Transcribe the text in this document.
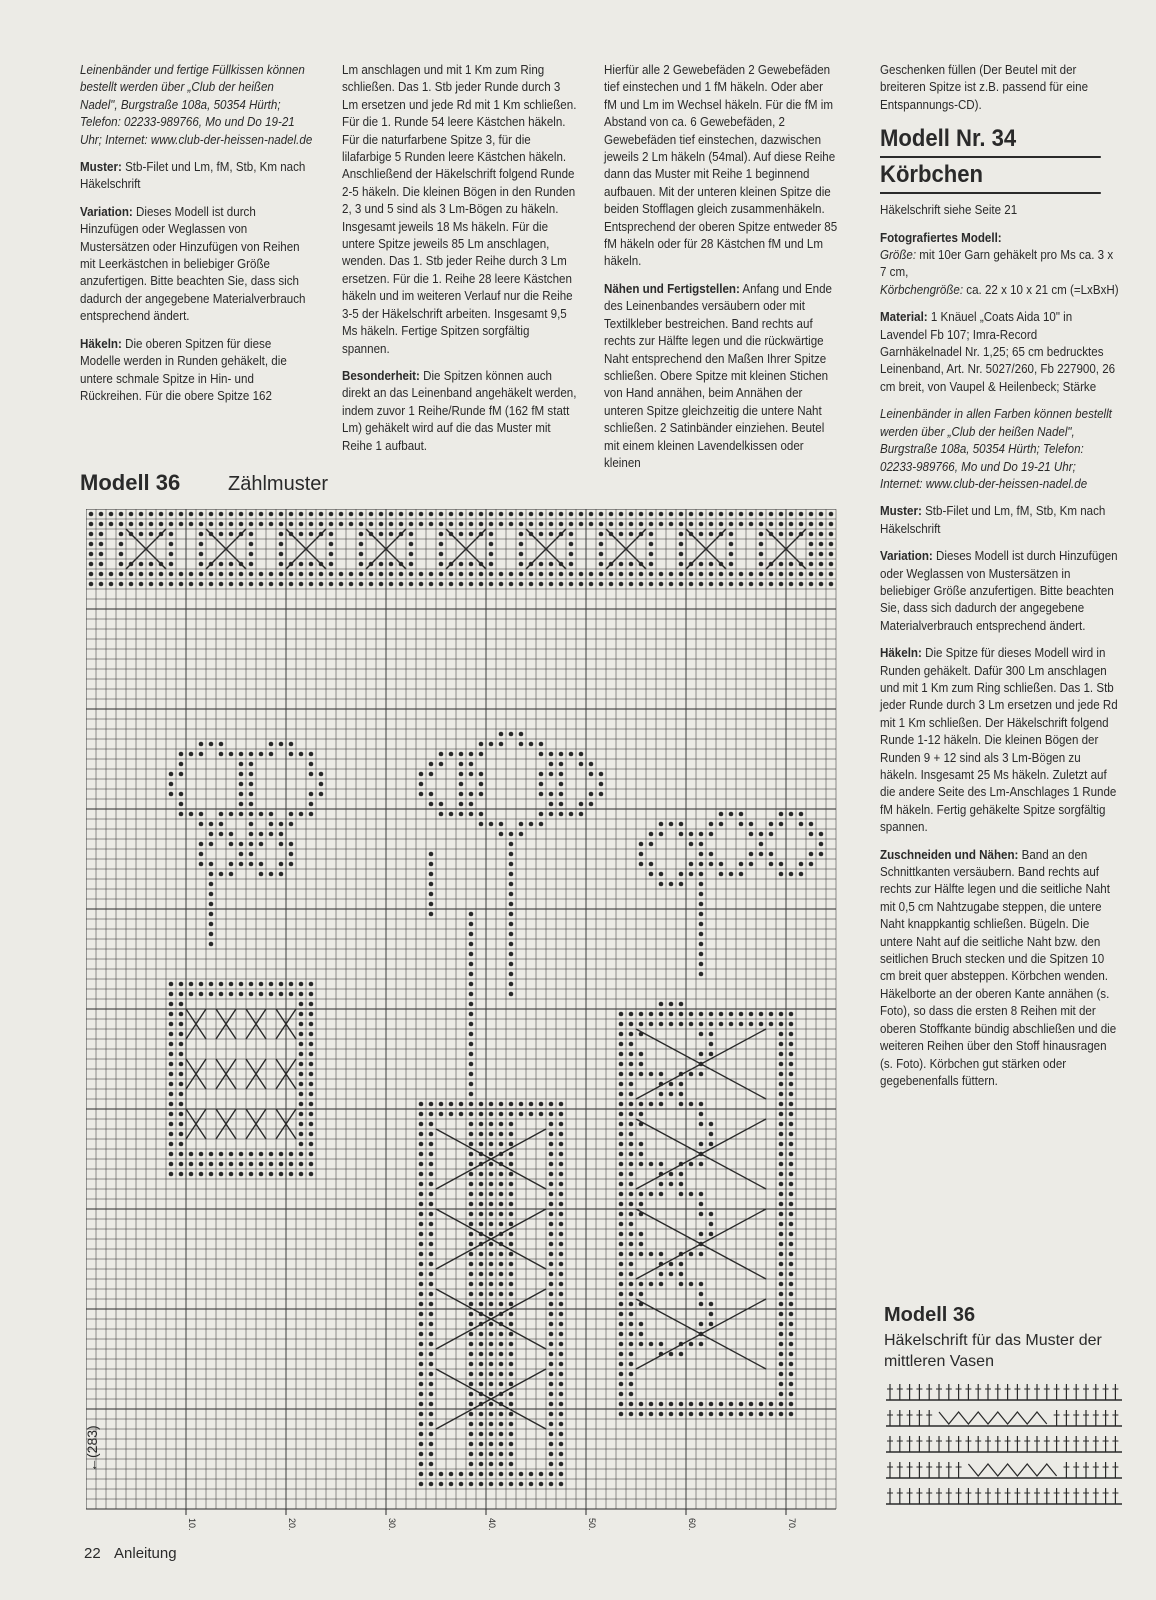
Leinenbänder und fertige Füllkissen können bestellt werden über „Club der heißen Nadel", Burgstraße 108a, 50354 Hürth; Telefon: 02233-989766, Mo und Do 19-21 Uhr; Internet: www.club-der-heissen-nadel.de

Muster: Stb-Filet und Lm, fM, Stb, Km nach Häkelschrift

Variation: Dieses Modell ist durch Hinzufügen oder Weglassen von Mustersätzen oder Hinzufügen von Reihen mit Leerkästchen in beliebiger Größe anzufertigen. Bitte beachten Sie, dass sich dadurch der angegebene Materialverbrauch entsprechend ändert.

Häkeln: Die oberen Spitzen für diese Modelle werden in Runden gehäkelt, die untere schmale Spitze in Hin- und Rückreihen. Für die obere Spitze 162

Lm anschlagen und mit 1 Km zum Ring schließen. Das 1. Stb jeder Runde durch 3 Lm ersetzen und jede Rd mit 1 Km schließen. Für die 1. Runde 54 leere Kästchen häkeln. Für die naturfarbene Spitze 3, für die lilafarbige 5 Runden leere Kästchen häkeln. Anschließend der Häkelschrift folgend Runde 2-5 häkeln. Die kleinen Bögen in den Runden 2, 3 und 5 sind als 3 Lm-Bögen zu häkeln. Insgesamt jeweils 18 Ms häkeln. Für die untere Spitze jeweils 85 Lm anschlagen, wenden. Das 1. Stb jeder Reihe durch 3 Lm ersetzen. Für die 1. Reihe 28 leere Kästchen häkeln und im weiteren Verlauf nur die Reihe 3-5 der Häkelschrift arbeiten. Insgesamt 9,5 Ms häkeln. Fertige Spitzen sorgfältig spannen.

Besonderheit: Die Spitzen können auch direkt an das Leinenband angehäkelt werden, indem zuvor 1 Reihe/Runde fM (162 fM statt Lm) gehäkelt wird auf die das Muster mit Reihe 1 aufbaut.

Hierfür alle 2 Gewebefäden 2 Gewebefäden tief einstechen und 1 fM häkeln. Oder aber fM und Lm im Wechsel häkeln. Für die fM im Abstand von ca. 6 Gewebefäden, 2 Gewebefäden tief einstechen, dazwischen jeweils 2 Lm häkeln (54mal). Auf diese Reihe dann das Muster mit Reihe 1 beginnend aufbauen. Mit der unteren kleinen Spitze die beiden Stofflagen gleich zusammenhäkeln. Entsprechend der oberen Spitze entweder 85 fM häkeln oder für 28 Kästchen fM und Lm häkeln.

Nähen und Fertigstellen: Anfang und Ende des Leinenbandes versäubern oder mit Textilkleber bestreichen. Band rechts auf rechts zur Hälfte legen und die rückwärtige Naht entsprechend den Maßen Ihrer Spitze schließen. Obere Spitze mit kleinen Stichen von Hand annähen, beim Annähen der unteren Spitze gleichzeitig die untere Naht schließen. 2 Satinbänder einziehen. Beutel mit einem kleinen Lavendelkissen oder kleinen

Geschenken füllen (Der Beutel mit der breiteren Spitze ist z.B. passend für eine Entspannungs-CD).

Modell Nr. 34
Körbchen

Häkelschrift siehe Seite 21

Fotografiertes Modell:
Größe: mit 10er Garn gehäkelt pro Ms ca. 3 x 7 cm,
Körbchengröße: ca. 22 x 10 x 21 cm (=LxBxH)

Material: 1 Knäuel „Coats Aida 10" in Lavendel Fb 107; Imra-Record Garnhäkelnadel Nr. 1,25; 65 cm bedrucktes Leinenband, Art. Nr. 5027/260, Fb 227900, 26 cm breit, von Vaupel & Heilenbeck; Stärke

Leinenbänder in allen Farben können bestellt werden über „Club der heißen Nadel", Burgstraße 108a, 50354 Hürth; Telefon: 02233-989766, Mo und Do 19-21 Uhr; Internet: www.club-der-heissen-nadel.de

Muster: Stb-Filet und Lm, fM, Stb, Km nach Häkelschrift

Variation: Dieses Modell ist durch Hinzufügen oder Weglassen von Mustersätzen in beliebiger Größe anzufertigen. Bitte beachten Sie, dass sich dadurch der angegebene Materialverbrauch entsprechend ändert.

Häkeln: Die Spitze für dieses Modell wird in Runden gehäkelt. Dafür 300 Lm anschlagen und mit 1 Km zum Ring schließen. Das 1. Stb jeder Runde durch 3 Lm ersetzen und jede Rd mit 1 Km schließen. Der Häkelschrift folgend Runde 1-12 häkeln. Die kleinen Bögen der Runden 9 + 12 sind als 3 Lm-Bögen zu häkeln. Insgesamt 25 Ms häkeln. Zuletzt auf die andere Seite des Lm-Anschlages 1 Runde fM häkeln. Fertig gehäkelte Spitze sorgfältig spannen.

Zuschneiden und Nähen: Band an den Schnittkanten versäubern. Band rechts auf rechts zur Hälfte legen und die seitliche Naht mit 0,5 cm Nahtzugabe steppen, die untere Naht knappkantig schließen. Bügeln. Die untere Naht auf die seitliche Naht bzw. den seitlichen Bruch stecken und die Spitzen 10 cm breit quer absteppen. Körbchen wenden. Häkelborte an der oberen Kante annähen (s. Foto), so dass die ersten 8 Reihen mit der oberen Stoffkante bündig abschließen und die weiteren Reihen über den Stoff hinausragen (s. Foto). Körbchen gut stärken oder gegebenenfalls füttern.

Modell 36 Zählmuster
10.	20.	30.	40.	50.	60.	70.
←(283)
Modell 36
Häkelschrift für das Muster der mittleren Vasen
22 Anleitung
